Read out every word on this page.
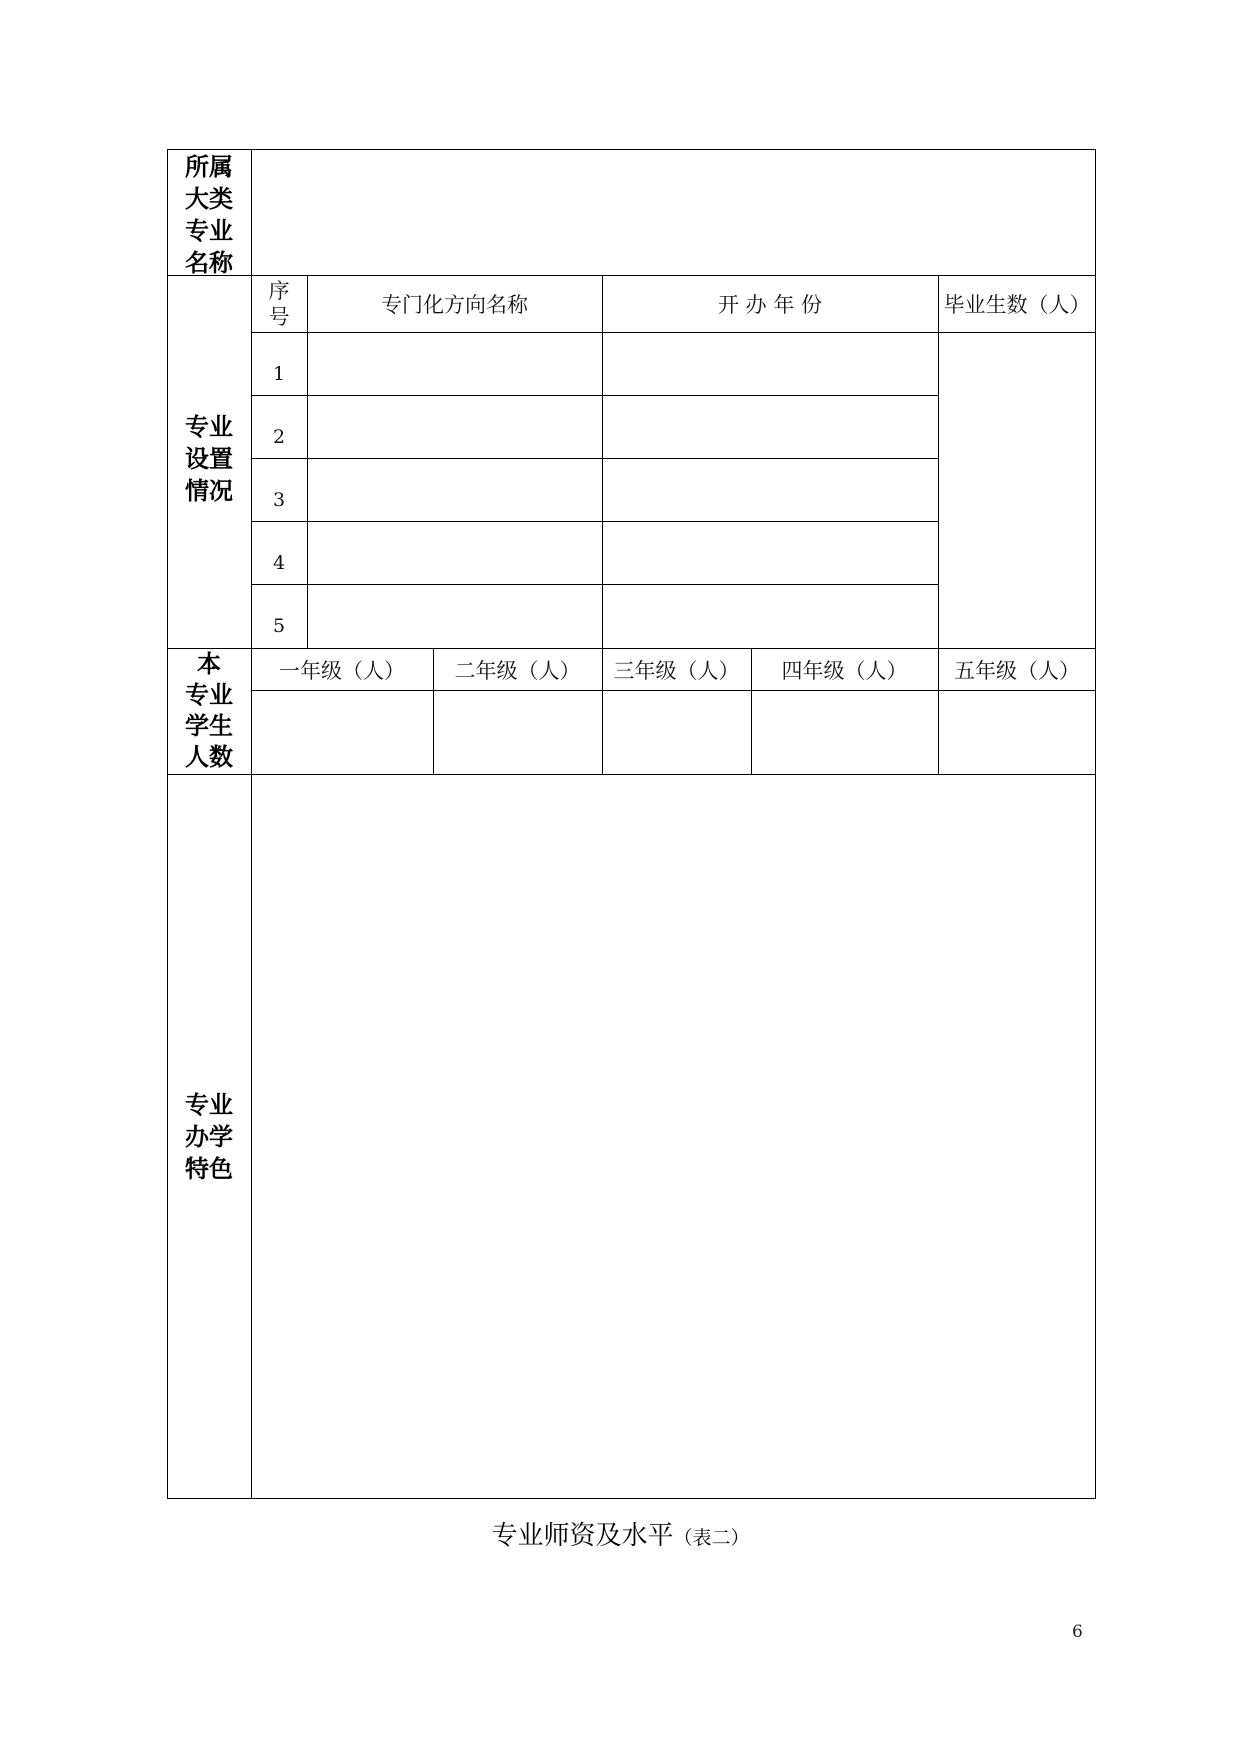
所属
大类
专业
名称
专业
设置
情况
序
号	专门化方向名称	开 办 年 份	毕业生数（人）
1
2
3
4
5
本
专业
学生
人数
一年级（人）	二年级（人）	三年级（人）	四年级（人）	五年级（人）
专业
办学
特色
专业师资及水平（表二）
6
